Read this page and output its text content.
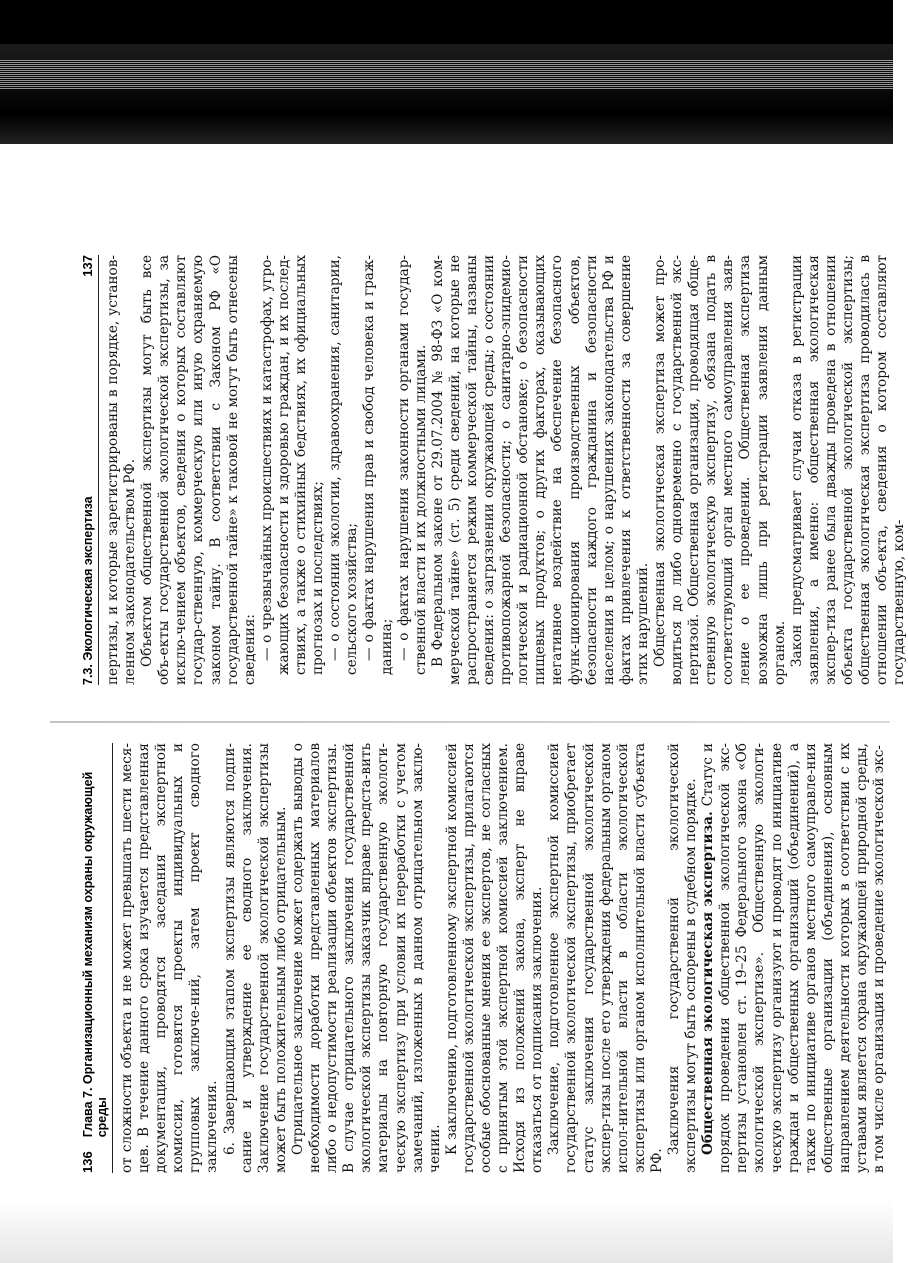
136
Глава 7. Организационный механизм охраны окружающей среды от сложности объекта и не может превышать шести меся-цев. В течение данного срока изучается представленная документация, проводятся заседания экспертной комиссии, готовятся проекты индивидуальных и групповых заключе-ний, затем проект сводного заключения. 6. Завершающим этапом экспертизы являются подпи-сание и утверждение ее сводного заключения. Заключение государственной экологической экспертизы может быть положительным либо отрицательным. Отрицательное заключение может содержать выводы о необходимости доработки представленных материалов либо о недопустимости реализации объектов экспертизы. В случае отрицательного заключения государственной экологической экспертизы заказчик вправе предста-вить материалы на повторную государственную экологи-ческую экспертизу при условии их переработки с учетом замечаний, изложенных в данном отрицательном заклю-чении. К заключению, подготовленному экспертной комиссией государственной экологической экспертизы, прилагаются особые обоснованные мнения ее экспертов, не согласных с принятым этой экспертной комиссией заключением. Исходя из положений закона, эксперт не вправе отказаться от подписания заключения. Заключение, подготовленное экспертной комиссией государственной экологической экспертизы, приобретает статус заключения государственной экологической экспер-тизы после его утверждения федеральным органом испол-нительной власти в области экологической экспертизы или органом исполнительной власти субъекта РФ.

Заключения государственной экологической экспертизы могут быть оспорены в судебном порядке. Общественная экологическая экспертиза. Статус и порядок проведения общественной экологической экс-пертизы установлен ст. 19–25 Федерального закона «Об экологической экспертизе». Общественную экологи-ческую экспертизу организуют и проводят по инициативе граждан и общественных организаций (объединений), а также по инициативе органов местного самоуправле-ния общественные организации (объединения), основным направлением деятельности которых в соответствии с их уставами является охрана окружающей природной среды, в том числе организация и проведение экологической экс-

7.3. Экологическая экспертиза
137 пертизы, и которые зарегистрированы в порядке, установ-ленном законодательством РФ. Объектом общественной экспертизы могут быть все объ-екты государственной экологической экспертизы, за исклю-чением объектов, сведения о которых составляют государ-ственную, коммерческую или иную охраняемую законом тайну. В соответствии с Законом РФ «О государственной тайне» к таковой не могут быть отнесены сведения: — о чрезвычайных происшествиях и катастрофах, угро-жающих безопасности и здоровью граждан, и их послед-ствиях, а также о стихийных бедствиях, их официальных прогнозах и последствиях; — о состоянии экологии, здравоохранения, санитарии, сельского хозяйства; — о фактах нарушения прав и свобод человека и граж-данина; — о фактах нарушения законности органами государ-ственной власти и их должностными лицами. В Федеральном законе от 29.07.2004 № 98-ФЗ «О ком-мерческой тайне» (ст. 5) среди сведений, на которые не распространяется режим коммерческой тайны, названы сведения: о загрязнении окружающей среды; о состоянии противопожарной безопасности; о санитарно-эпидемио-логической и радиационной обстановке; о безопасности пищевых продуктов; о других факторах, оказывающих негативное воздействие на обеспечение безопасного функ-ционирования производственных объектов, безопасности каждого гражданина и безопасности населения в целом; о нарушениях законодательства РФ и фактах привлечения к ответственности за совершение этих нарушений. Общественная экологическая экспертиза может про-водиться до либо одновременно с государственной экс-пертизой. Общественная организация, проводящая обще-ственную экологическую экспертизу, обязана подать в соответствующий орган местного самоуправления заяв-ление о ее проведении. Общественная экспертиза возможна лишь при регистрации заявления данным органом. Закон предусматривает случаи отказа в регистрации заявления, а именно: общественная экологическая экспер-тиза ранее была дважды проведена в отношении объекта государственной экологической экспертизы; общественная экологическая экспертиза проводилась в отношении объ-екта, сведения о котором составляют государственную, ком-
